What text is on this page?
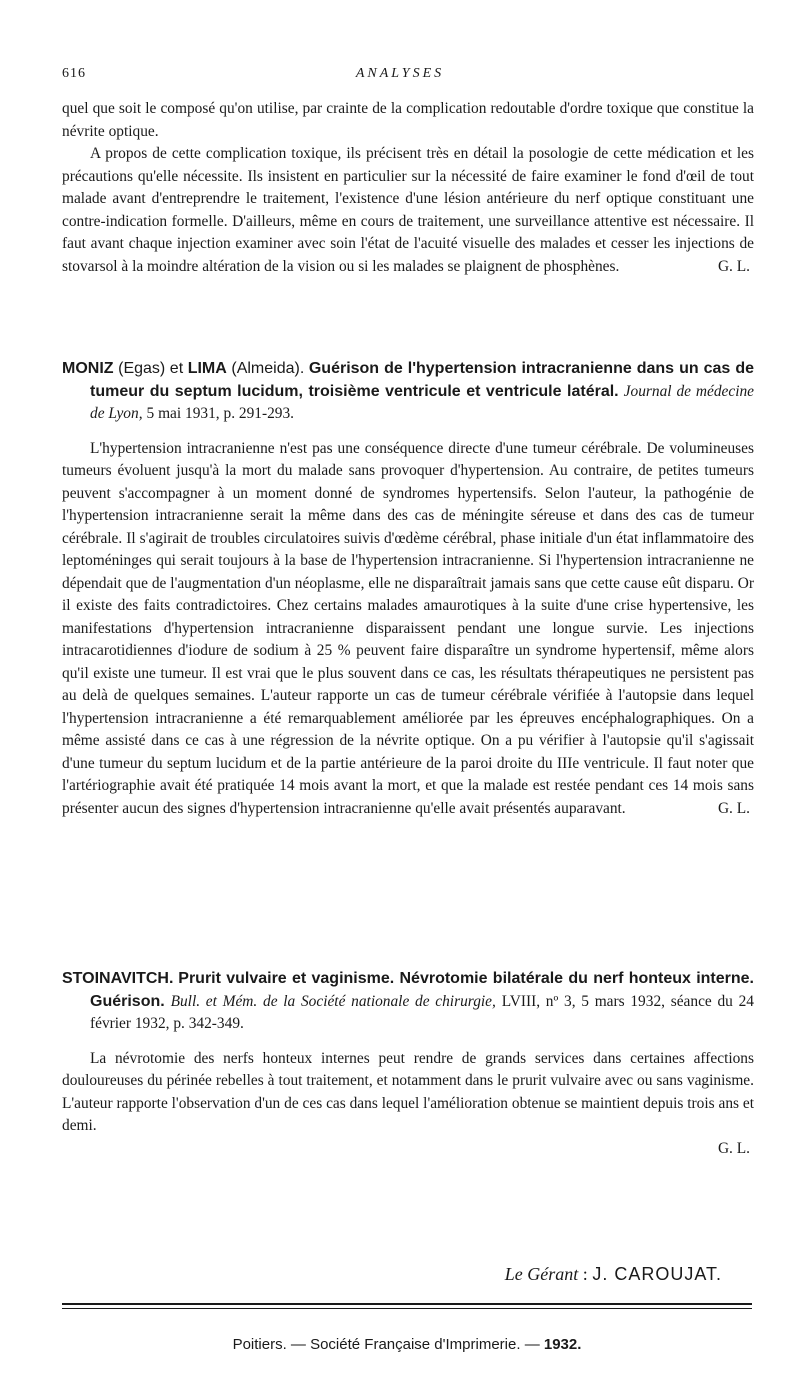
616	ANALYSES

quel que soit le composé qu'on utilise, par crainte de la complication redoutable d'ordre toxique que constitue la névrite optique.

A propos de cette complication toxique, ils précisent très en détail la posologie de cette médication et les précautions qu'elle nécessite. Ils insistent en particulier sur la nécessité de faire examiner le fond d'œil de tout malade avant d'entreprendre le traitement, l'existence d'une lésion antérieure du nerf optique constituant une contre-indication formelle. D'ailleurs, même en cours de traitement, une surveillance attentive est nécessaire. Il faut avant chaque injection examiner avec soin l'état de l'acuité visuelle des malades et cesser les injections de stovarsol à la moindre altération de la vision ou si les malades se plaignent de phosphènes.	G. L.

MONIZ (Egas) et LIMA (Almeida). Guérison de l'hypertension intracranienne dans un cas de tumeur du septum lucidum, troisième ventricule et ventricule latéral. Journal de médecine de Lyon, 5 mai 1931, p. 291-293.

L'hypertension intracranienne n'est pas une conséquence directe d'une tumeur cérébrale. De volumineuses tumeurs évoluent jusqu'à la mort du malade sans provoquer d'hypertension. Au contraire, de petites tumeurs peuvent s'accompagner à un moment donné de syndromes hypertensifs. Selon l'auteur, la pathogénie de l'hypertension intracranienne serait la même dans des cas de méningite séreuse et dans des cas de tumeur cérébrale. Il s'agirait de troubles circulatoires suivis d'œdème cérébral, phase initiale d'un état inflammatoire des leptoméninges qui serait toujours à la base de l'hypertension intracranienne. Si l'hypertension intracranienne ne dépendait que de l'augmentation d'un néoplasme, elle ne disparaîtrait jamais sans que cette cause eût disparu. Or il existe des faits contradictoires. Chez certains malades amaurotiques à la suite d'une crise hypertensive, les manifestations d'hypertension intracranienne disparaissent pendant une longue survie. Les injections intracarotidiennes d'iodure de sodium à 25 % peuvent faire disparaître un syndrome hypertensif, même alors qu'il existe une tumeur. Il est vrai que le plus souvent dans ce cas, les résultats thérapeutiques ne persistent pas au delà de quelques semaines. L'auteur rapporte un cas de tumeur cérébrale vérifiée à l'autopsie dans lequel l'hypertension intracranienne a été remarquablement améliorée par les épreuves encéphalographiques. On a même assisté dans ce cas à une régression de la névrite optique. On a pu vérifier à l'autopsie qu'il s'agissait d'une tumeur du septum lucidum et de la partie antérieure de la paroi droite du IIIe ventricule. Il faut noter que l'artériographie avait été pratiquée 14 mois avant la mort, et que la malade est restée pendant ces 14 mois sans présenter aucun des signes d'hypertension intracranienne qu'elle avait présentés auparavant.	G. L.

STOINAVITCH. Prurit vulvaire et vaginisme. Névrotomie bilatérale du nerf honteux interne. Guérison. Bull. et Mém. de la Société nationale de chirurgie, LVIII, nº 3, 5 mars 1932, séance du 24 février 1932, p. 342-349.

La névrotomie des nerfs honteux internes peut rendre de grands services dans certaines affections douloureuses du périnée rebelles à tout traitement, et notamment dans le prurit vulvaire avec ou sans vaginisme. L'auteur rapporte l'observation d'un de ces cas dans lequel l'amélioration obtenue se maintient depuis trois ans et demi.

G. L.

Le Gérant : J. CAROUJAT.
Poitiers. — Société Française d'Imprimerie. — 1932.
